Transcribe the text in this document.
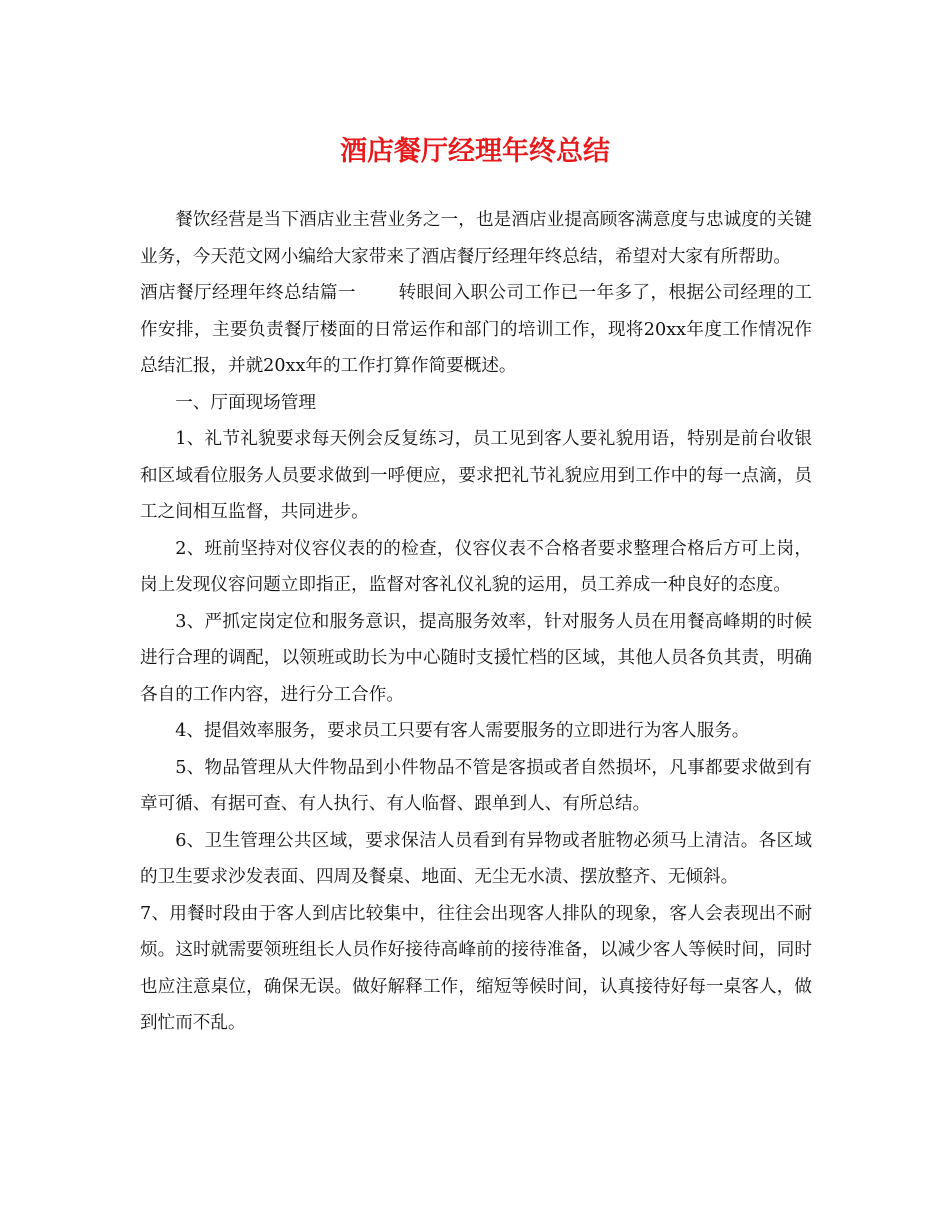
酒店餐厅经理年终总结

餐饮经营是当下酒店业主营业务之一，也是酒店业提高顾客满意度与忠诚度的关键业务，今天范文网小编给大家带来了酒店餐厅经理年终总结，希望对大家有所帮助。

酒店餐厅经理年终总结篇一 转眼间入职公司工作已一年多了，根据公司经理的工作安排，主要负责餐厅楼面的日常运作和部门的培训工作，现将20xx年度工作情况作总结汇报，并就20xx年的工作打算作简要概述。

一、厅面现场管理

1、礼节礼貌要求每天例会反复练习，员工见到客人要礼貌用语，特别是前台收银和区域看位服务人员要求做到一呼便应，要求把礼节礼貌应用到工作中的每一点滴，员工之间相互监督，共同进步。

2、班前坚持对仪容仪表的的检查，仪容仪表不合格者要求整理合格后方可上岗，岗上发现仪容问题立即指正，监督对客礼仪礼貌的运用，员工养成一种良好的态度。

3、严抓定岗定位和服务意识，提高服务效率，针对服务人员在用餐高峰期的时候进行合理的调配，以领班或助长为中心随时支援忙档的区域，其他人员各负其责，明确各自的工作内容，进行分工合作。

4、提倡效率服务，要求员工只要有客人需要服务的立即进行为客人服务。

5、物品管理从大件物品到小件物品不管是客损或者自然损坏，凡事都要求做到有章可循、有据可查、有人执行、有人临督、跟单到人、有所总结。

6、卫生管理公共区域，要求保洁人员看到有异物或者脏物必须马上清洁。各区域的卫生要求沙发表面、四周及餐桌、地面、无尘无水渍、摆放整齐、无倾斜。

7、用餐时段由于客人到店比较集中，往往会出现客人排队的现象，客人会表现出不耐烦。这时就需要领班组长人员作好接待高峰前的接待准备，以减少客人等候时间，同时也应注意桌位，确保无误。做好解释工作，缩短等候时间，认真接待好每一桌客人，做到忙而不乱。
